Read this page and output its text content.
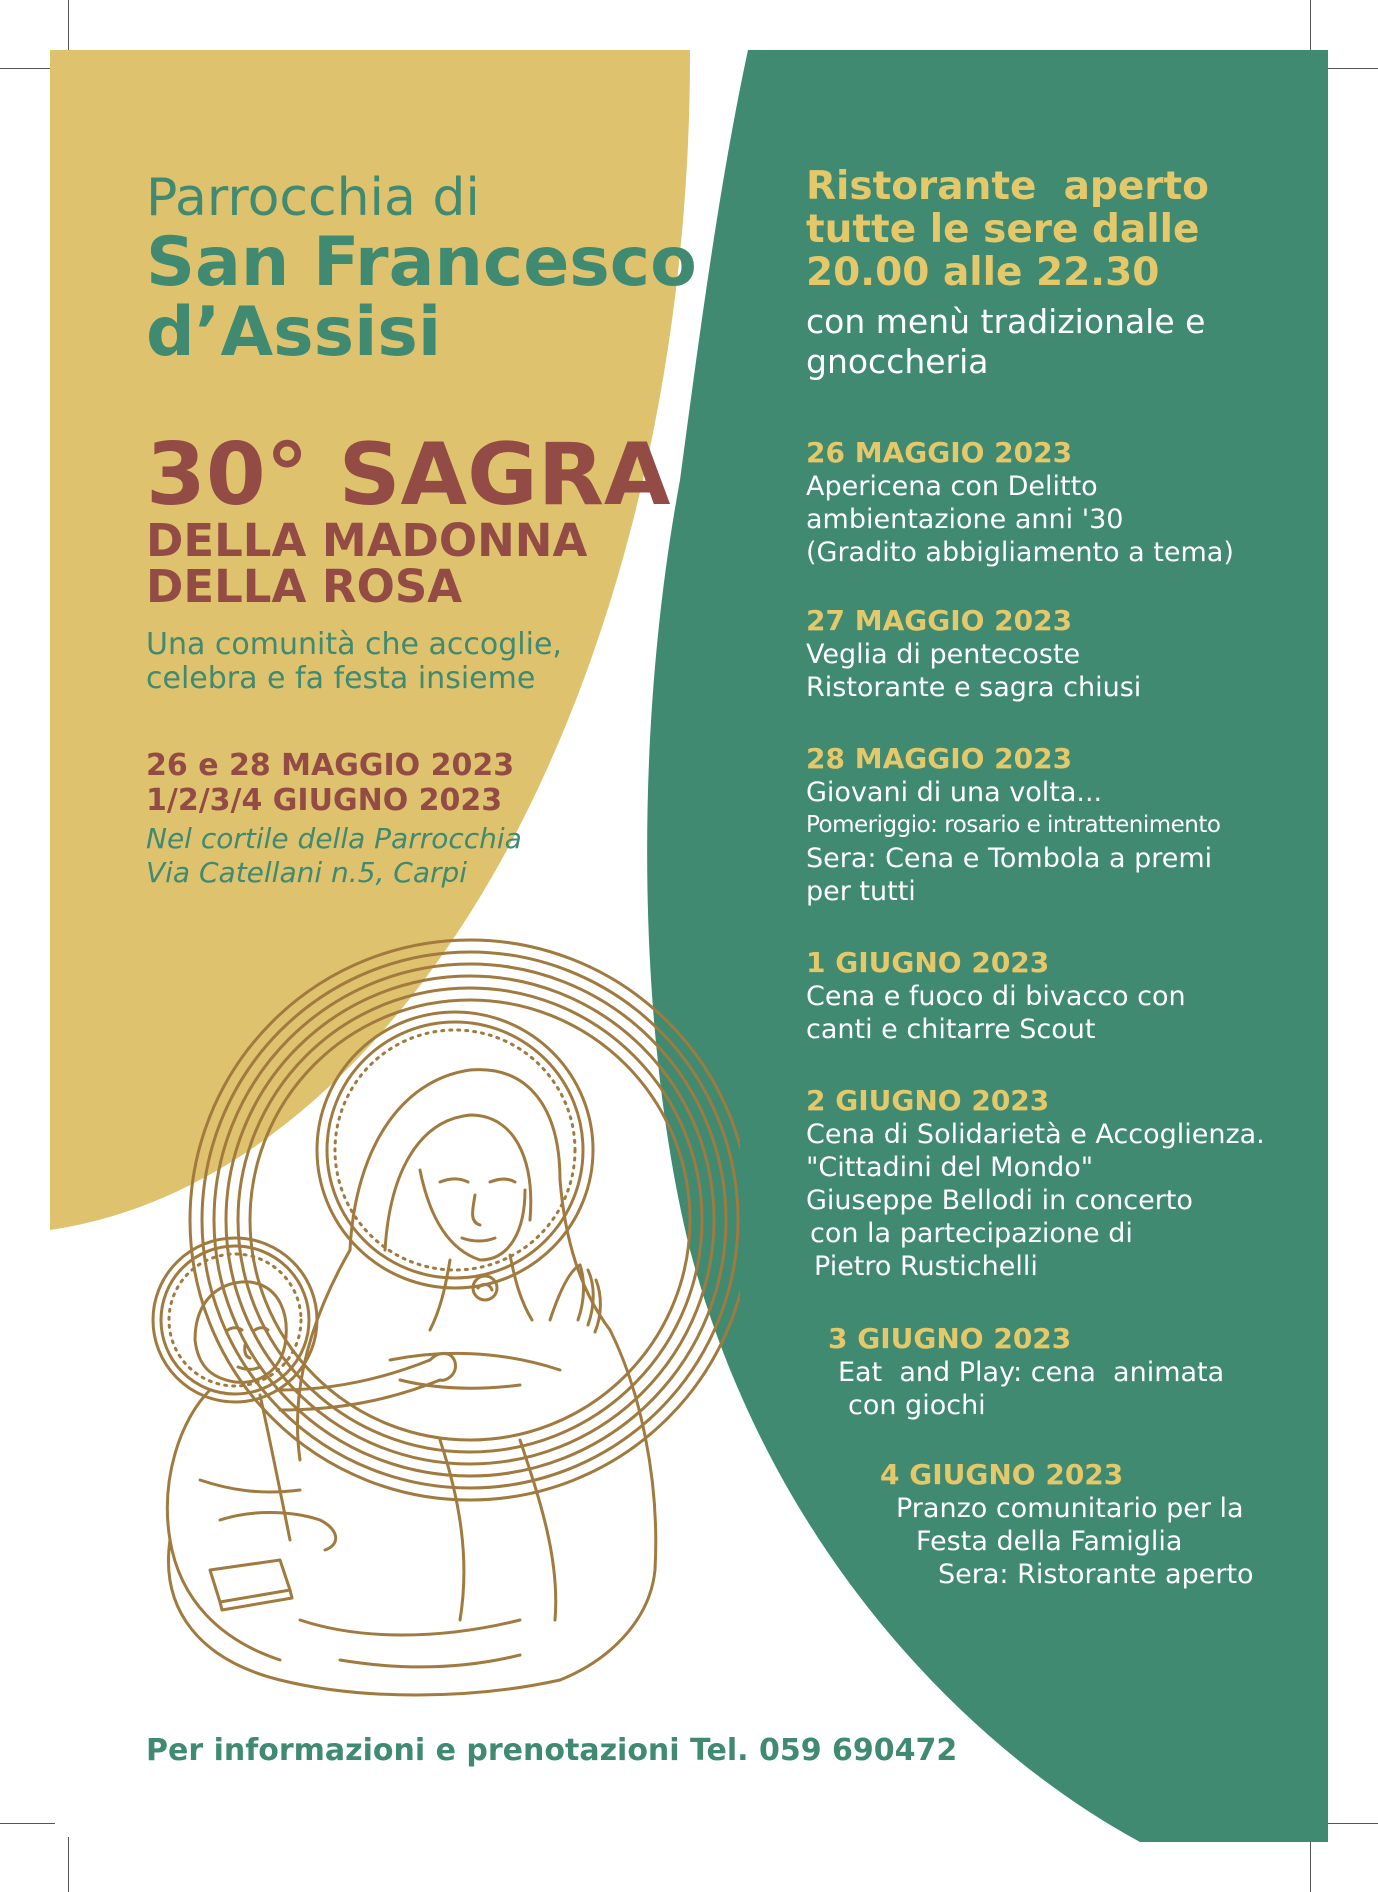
Parrocchia di
San Francesco
d’Assisi
30° SAGRA
DELLA MADONNA
DELLA ROSA
Una comunità che accoglie,
celebra e fa festa insieme
26 e 28 MAGGIO 2023
1/2/3/4 GIUGNO 2023
Nel cortile della Parrocchia
Via Catellani n.5, Carpi
Per informazioni e prenotazioni Tel. 059 690472
Ristorante  aperto
tutte le sere dalle
20.00 alle 22.30
con menù tradizionale e
gnoccheria
26 MAGGIO 2023
Apericena con Delitto
ambientazione anni '30
(Gradito abbigliamento a tema)
27 MAGGIO 2023
Veglia di pentecoste
Ristorante e sagra chiusi
28 MAGGIO 2023
Giovani di una volta...
Pomeriggio: rosario e intrattenimento
Sera: Cena e Tombola a premi
per tutti
1 GIUGNO 2023
Cena e fuoco di bivacco con
canti e chitarre Scout
2 GIUGNO 2023
Cena di Solidarietà e Accoglienza.
"Cittadini del Mondo"
Giuseppe Bellodi in concerto
con la partecipazione di
Pietro Rustichelli
3 GIUGNO 2023
Eat  and Play: cena  animata
con giochi
4 GIUGNO 2023
Pranzo comunitario per la
Festa della Famiglia
Sera: Ristorante aperto
